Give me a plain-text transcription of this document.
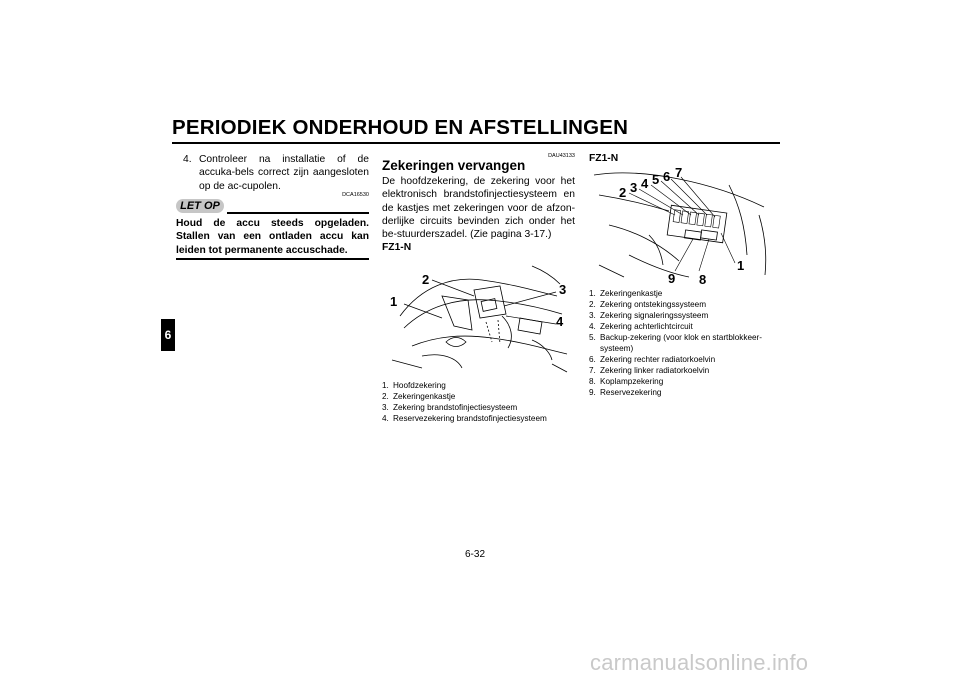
PERIODIEK ONDERHOUD EN AFSTELLINGEN
6
4. Controleer na installatie of de accuka-bels correct zijn aangesloten op de ac-cupolen.
DCA16530
LET OP
Houd de accu steeds opgeladen. Stallen van een ontladen accu kan leiden tot permanente accuschade.
DAU43133
Zekeringen vervangen
De hoofdzekering, de zekering voor het elektronisch brandstofinjectiesysteem en de kastjes met zekeringen voor de afzon-derlijke circuits bevinden zich onder het be-stuurderszadel. (Zie pagina 3-17.)
FZ1-N
1
2
3
4
1. Hoofdzekering
2. Zekeringenkastje
3. Zekering brandstofinjectiesysteem
4. Reservezekering brandstofinjectiesysteem
FZ1-N
2 3 4 5 6 7
9 8
1
1. Zekeringenkastje
2. Zekering ontstekingssysteem
3. Zekering signaleringssysteem
4. Zekering achterlichtcircuit
5. Backup-zekering (voor klok en startblokkeer-systeem)
6. Zekering rechter radiatorkoelvin
7. Zekering linker radiatorkoelvin
8. Koplampzekering
9. Reservezekering
6-32
carmanualsonline.info
